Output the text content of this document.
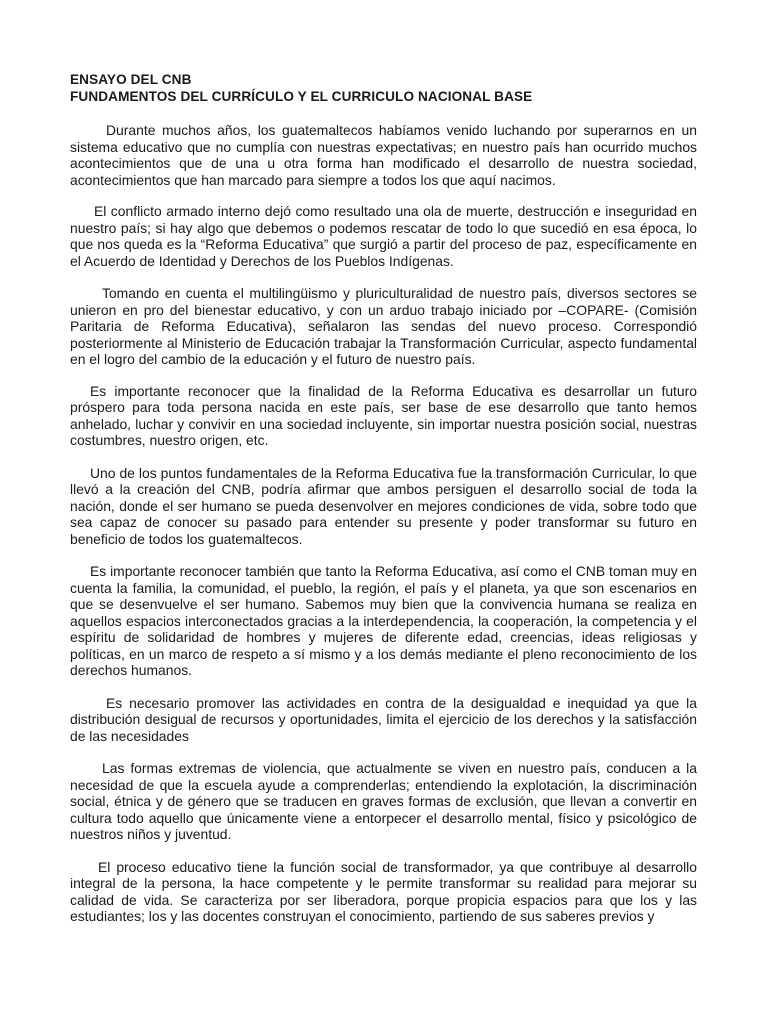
ENSAYO DEL CNB

FUNDAMENTOS DEL CURRÍCULO Y EL CURRICULO NACIONAL BASE

Durante muchos años, los guatemaltecos habíamos venido luchando por superarnos en un sistema educativo que no cumplía con nuestras expectativas; en nuestro país han ocurrido muchos acontecimientos que de una u otra forma han modificado el desarrollo de nuestra sociedad, acontecimientos que han marcado para siempre a todos los que aquí nacimos.

El conflicto armado interno dejó como resultado una ola de muerte, destrucción e inseguridad en nuestro país; si hay algo que debemos o podemos rescatar de todo lo que sucedió en esa época, lo que nos queda es la “Reforma Educativa” que surgió a partir del proceso de paz, específicamente en el Acuerdo de Identidad y Derechos de los Pueblos Indígenas.

Tomando en cuenta el multilingüismo y pluriculturalidad de nuestro país, diversos sectores se unieron en pro del bienestar educativo, y con un arduo trabajo iniciado por –COPARE- (Comisión Paritaria de Reforma Educativa), señalaron las sendas del nuevo proceso. Correspondió posteriormente al Ministerio de Educación trabajar la Transformación Curricular, aspecto fundamental en el logro del cambio de la educación y el futuro de nuestro país.

Es importante reconocer que la finalidad de la Reforma Educativa es desarrollar un futuro próspero para toda persona nacida en este país, ser base de ese desarrollo que tanto hemos anhelado, luchar y convivir en una sociedad incluyente, sin importar nuestra posición social, nuestras costumbres, nuestro origen, etc.

Uno de los puntos fundamentales de la Reforma Educativa fue la transformación Curricular, lo que llevó a la creación del CNB, podría afirmar que ambos persiguen el desarrollo social de toda la nación, donde el ser humano se pueda desenvolver en mejores condiciones de vida, sobre todo que sea capaz de conocer su pasado para entender su presente y poder transformar su futuro en beneficio de todos los guatemaltecos.

Es importante reconocer también que tanto la Reforma Educativa, así como el CNB toman muy en cuenta la familia, la comunidad, el pueblo, la región, el país y el planeta, ya que son escenarios en que se desenvuelve el ser humano. Sabemos muy bien que la convivencia humana se realiza en aquellos espacios interconectados gracias a la interdependencia, la cooperación, la competencia y el espíritu de solidaridad de hombres y mujeres de diferente edad, creencias, ideas religiosas y políticas, en un marco de respeto a sí mismo y a los demás mediante el pleno reconocimiento de los derechos humanos.

Es necesario promover las actividades en contra de la desigualdad e inequidad ya que la distribución desigual de recursos y oportunidades, limita el ejercicio de los derechos y la satisfacción de las necesidades

Las formas extremas de violencia, que actualmente se viven en nuestro país, conducen a la necesidad de que la escuela ayude a comprenderlas; entendiendo la explotación, la discriminación social, étnica y de género que se traducen en graves formas de exclusión, que llevan a convertir en cultura todo aquello que únicamente viene a entorpecer el desarrollo mental, físico y psicológico de nuestros niños y juventud.

El proceso educativo tiene la función social de transformador, ya que contribuye al desarrollo integral de la persona, la hace competente y le permite transformar su realidad para mejorar su calidad de vida. Se caracteriza por ser liberadora, porque propicia espacios para que los y las estudiantes; los y las docentes construyan el conocimiento, partiendo de sus saberes previos y
